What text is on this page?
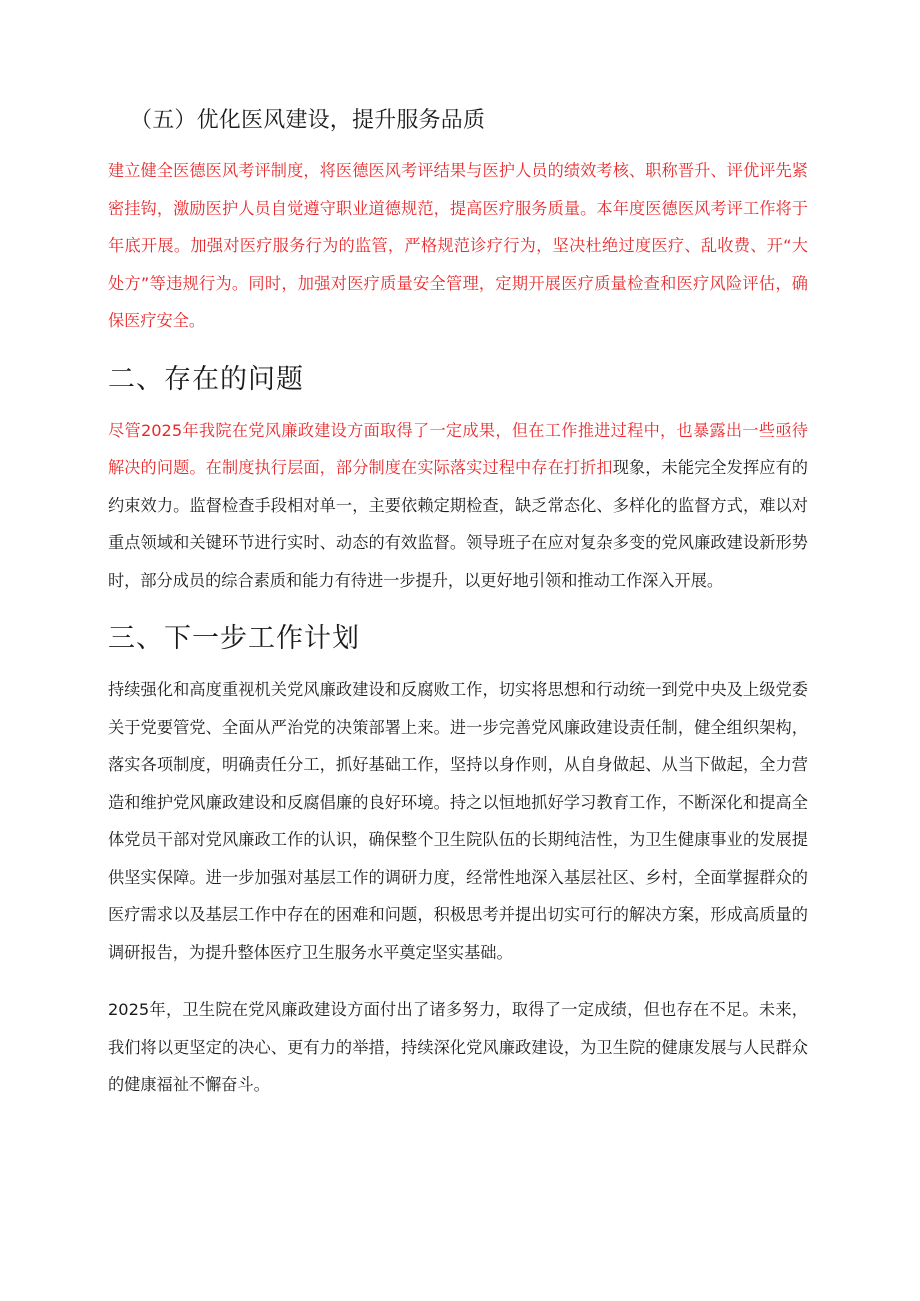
（五）优化医风建设，提升服务品质

建立健全医德医风考评制度，将医德医风考评结果与医护人员的绩效考核、职称晋升、评优评先紧密挂钩，激励医护人员自觉遵守职业道德规范，提高医疗服务质量。本年度医德医风考评工作将于年底开展。加强对医疗服务行为的监管，严格规范诊疗行为，坚决杜绝过度医疗、乱收费、开“大处方”等违规行为。同时，加强对医疗质量安全管理，定期开展医疗质量检查和医疗风险评估，确保医疗安全。

二、存在的问题

尽管2025年我院在党风廉政建设方面取得了一定成果，但在工作推进过程中，也暴露出一些亟待解决的问题。在制度执行层面，部分制度在实际落实过程中存在打折扣现象，未能完全发挥应有的约束效力。监督检查手段相对单一，主要依赖定期检查，缺乏常态化、多样化的监督方式，难以对重点领域和关键环节进行实时、动态的有效监督。领导班子在应对复杂多变的党风廉政建设新形势时，部分成员的综合素质和能力有待进一步提升，以更好地引领和推动工作深入开展。

三、下一步工作计划

持续强化和高度重视机关党风廉政建设和反腐败工作，切实将思想和行动统一到党中央及上级党委关于党要管党、全面从严治党的决策部署上来。进一步完善党风廉政建设责任制，健全组织架构，落实各项制度，明确责任分工，抓好基础工作，坚持以身作则，从自身做起、从当下做起，全力营造和维护党风廉政建设和反腐倡廉的良好环境。持之以恒地抓好学习教育工作，不断深化和提高全体党员干部对党风廉政工作的认识，确保整个卫生院队伍的长期纯洁性，为卫生健康事业的发展提供坚实保障。进一步加强对基层工作的调研力度，经常性地深入基层社区、乡村，全面掌握群众的医疗需求以及基层工作中存在的困难和问题，积极思考并提出切实可行的解决方案，形成高质量的调研报告，为提升整体医疗卫生服务水平奠定坚实基础。

2025年，卫生院在党风廉政建设方面付出了诸多努力，取得了一定成绩，但也存在不足。未来，我们将以更坚定的决心、更有力的举措，持续深化党风廉政建设，为卫生院的健康发展与人民群众的健康福祉不懈奋斗。
